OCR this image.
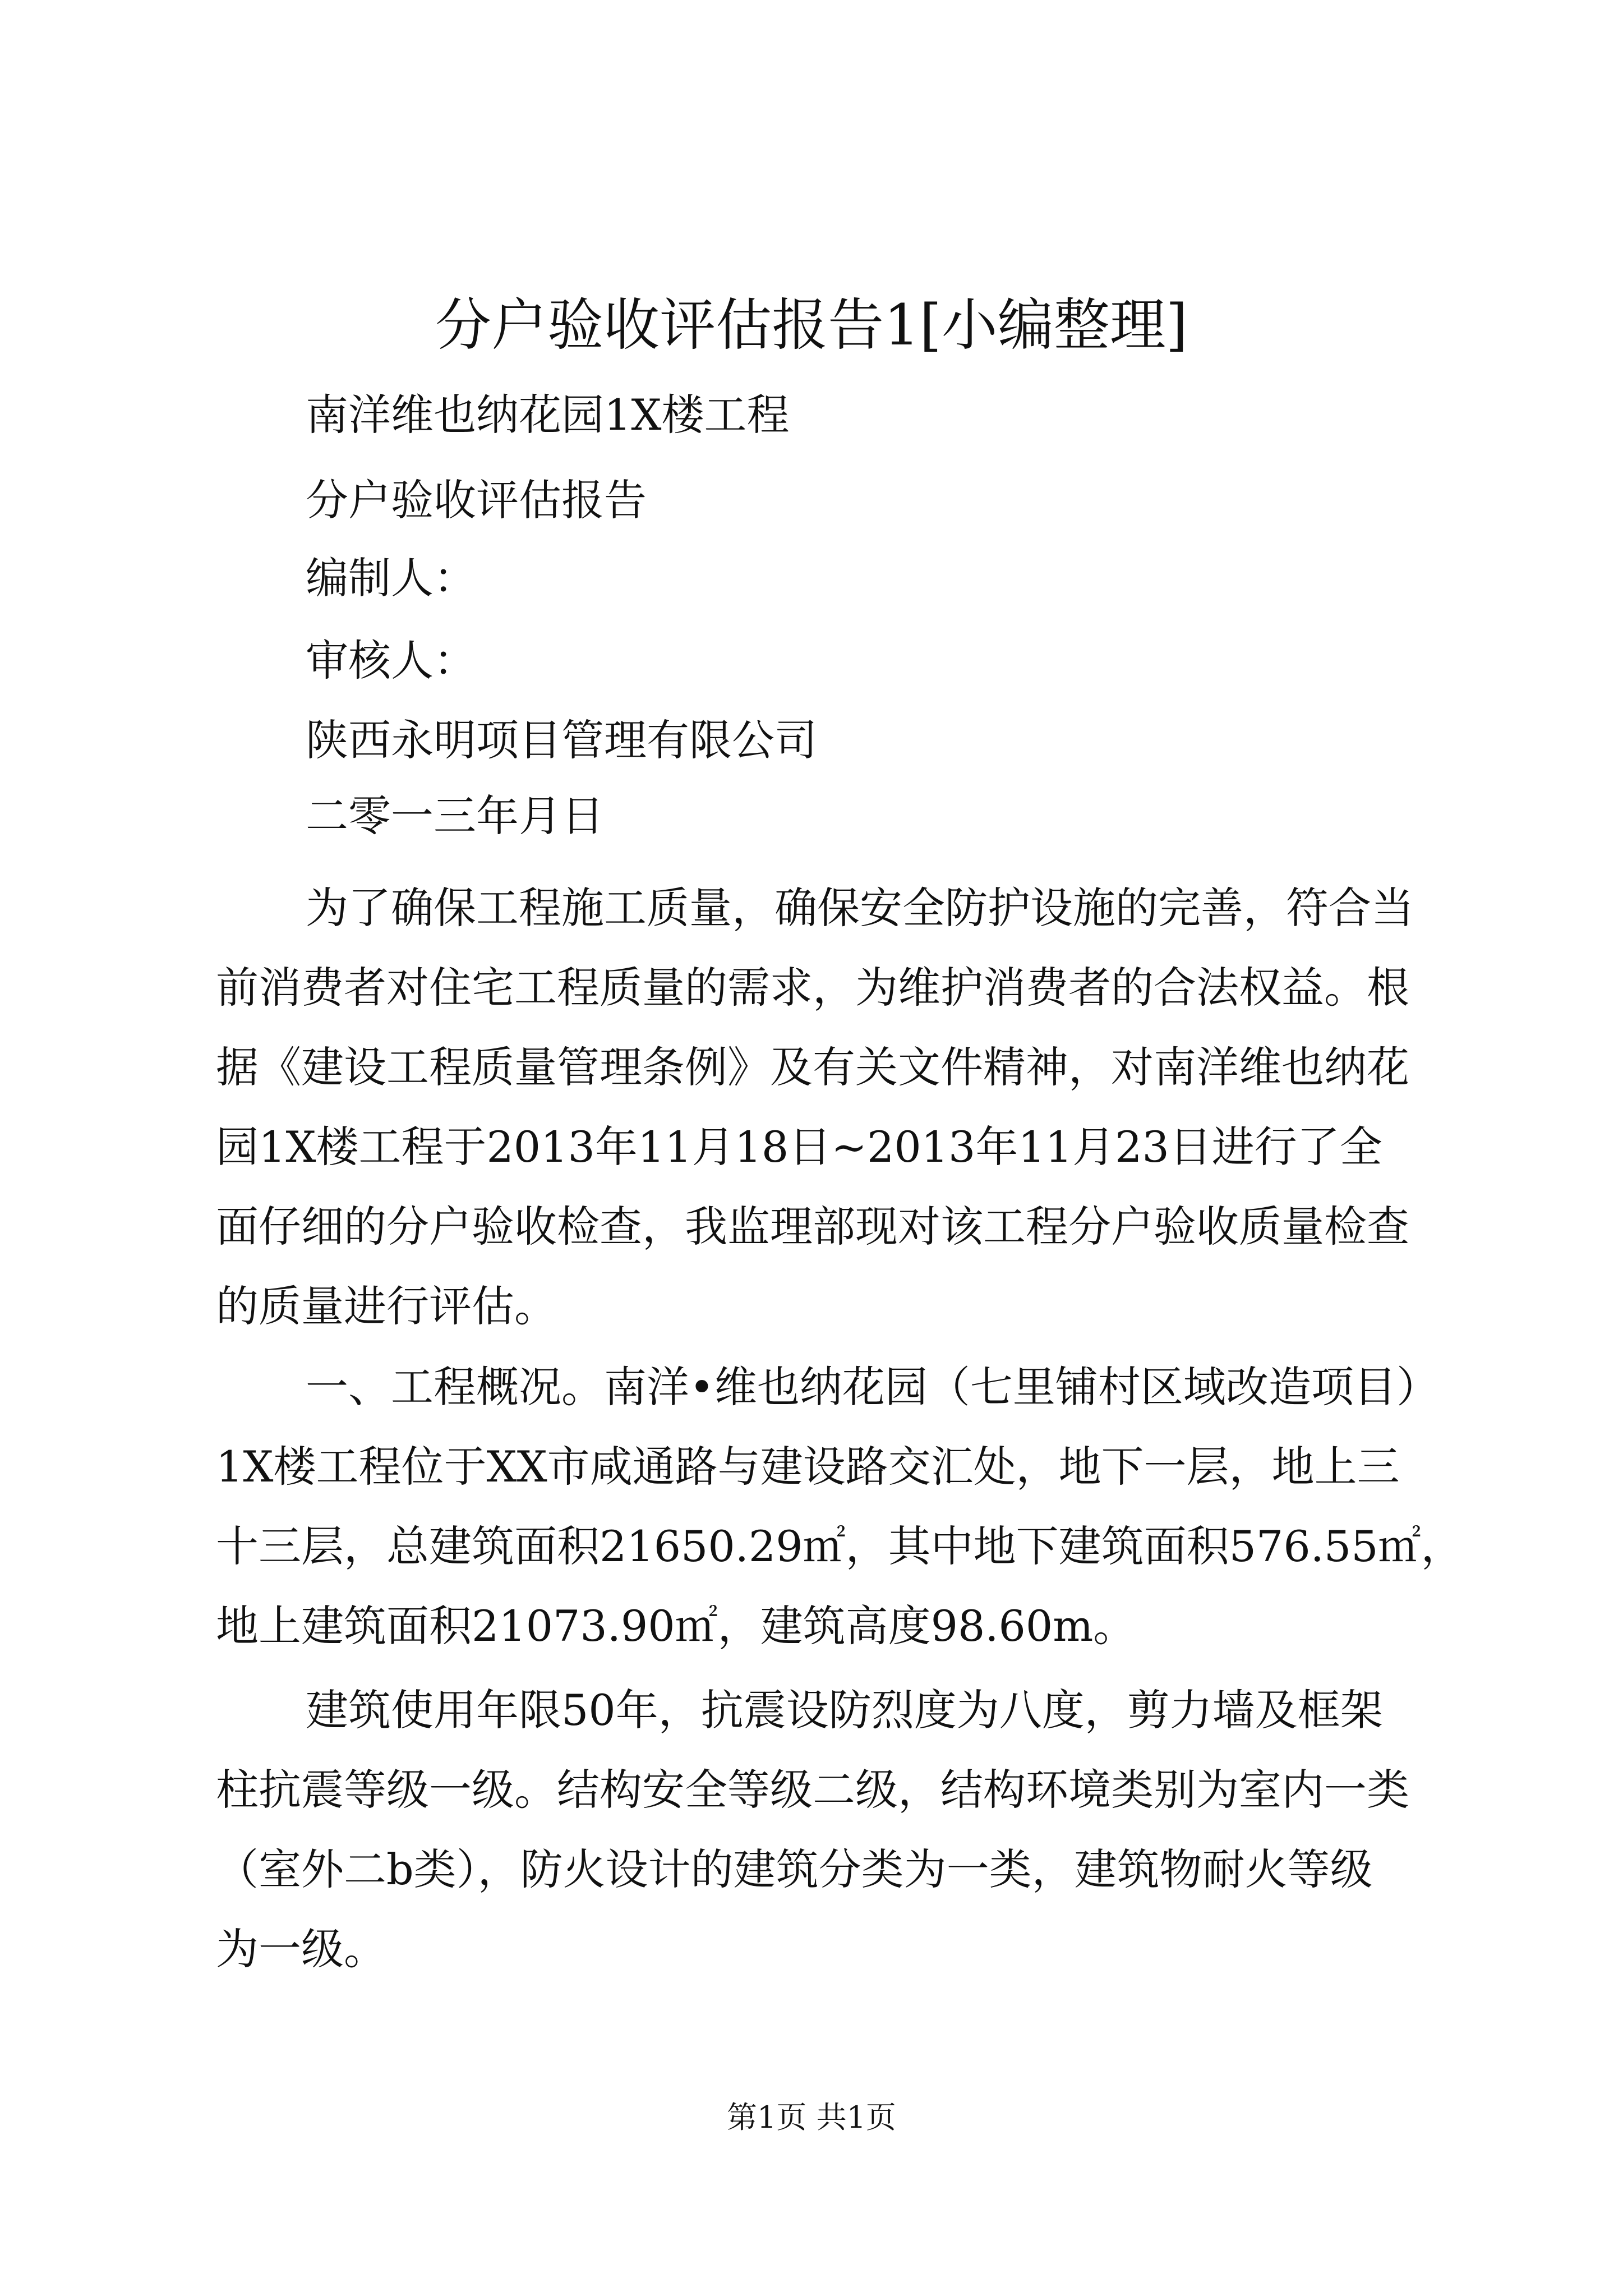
分户验收评估报告1[小编整理]
南洋维也纳花园1X楼工程
分户验收评估报告
编制人：
审核人：
陕西永明项目管理有限公司
二零一三年月日
为了确保工程施工质量，确保安全防护设施的完善，符合当
前消费者对住宅工程质量的需求，为维护消费者的合法权益。根
据《建设工程质量管理条例》及有关文件精神，对南洋维也纳花
园1X楼工程于2013年11月18日~2013年11月23日进行了全
面仔细的分户验收检查，我监理部现对该工程分户验收质量检查
的质量进行评估。
一、工程概况。南洋•维也纳花园（七里铺村区域改造项目）
1X楼工程位于XX市咸通路与建设路交汇处，地下一层，地上三
十三层，总建筑面积21650.29㎡，其中地下建筑面积576.55㎡，
地上建筑面积21073.90㎡，建筑高度98.60m。
建筑使用年限50年，抗震设防烈度为八度，剪力墙及框架
柱抗震等级一级。结构安全等级二级，结构环境类别为室内一类
（室外二b类），防火设计的建筑分类为一类，建筑物耐火等级
为一级。
第1页 共1页
